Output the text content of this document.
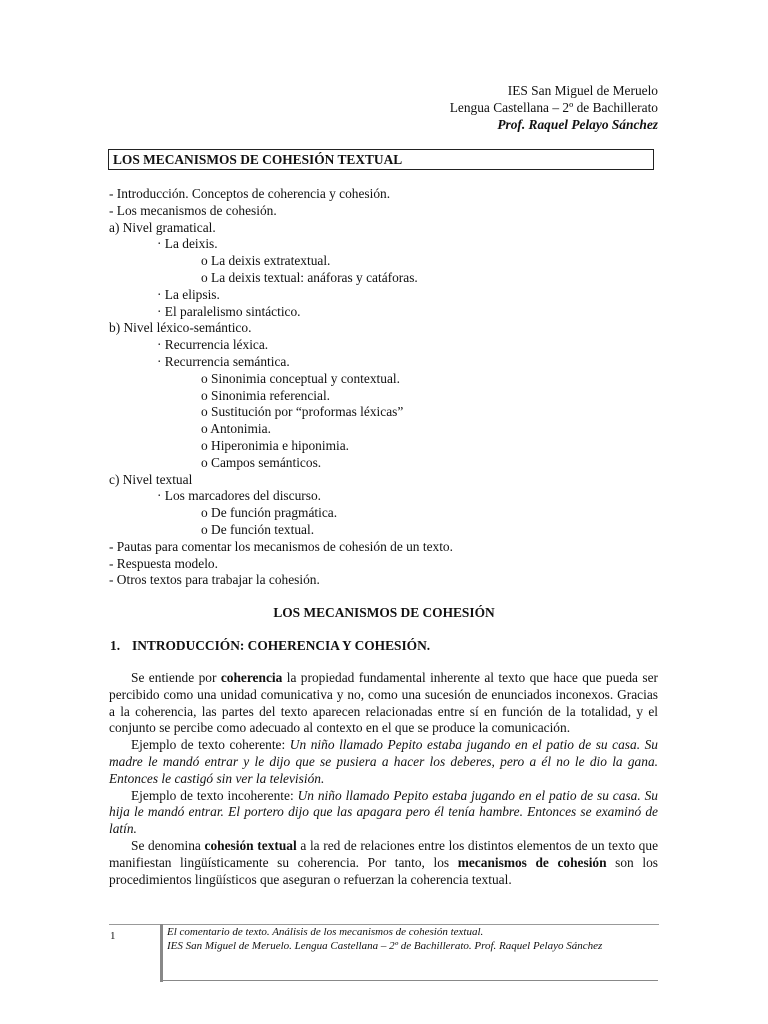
IES San Miguel de Meruelo
Lengua Castellana – 2º de Bachillerato
Prof. Raquel Pelayo Sánchez
LOS MECANISMOS DE COHESIÓN TEXTUAL
- Introducción. Conceptos de coherencia y cohesión.
- Los mecanismos de cohesión.
a) Nivel gramatical.
· La deixis.
o La deixis extratextual.
o La deixis textual: anáforas y catáforas.
· La elipsis.
· El paralelismo sintáctico.
b) Nivel léxico-semántico.
· Recurrencia léxica.
· Recurrencia semántica.
o Sinonimia conceptual y contextual.
o Sinonimia referencial.
o Sustitución por “proformas léxicas”
o Antonimia.
o Hiperonimia e hiponimia.
o Campos semánticos.
c) Nivel textual
· Los marcadores del discurso.
o De función pragmática.
o De función textual.
- Pautas para comentar los mecanismos de cohesión de un texto.
- Respuesta modelo.
- Otros textos para trabajar la cohesión.
LOS MECANISMOS DE COHESIÓN
1. INTRODUCCIÓN: COHERENCIA Y COHESIÓN.

Se entiende por coherencia la propiedad fundamental inherente al texto que hace que pueda ser percibido como una unidad comunicativa y no, como una sucesión de enunciados inconexos. Gracias a la coherencia, las partes del texto aparecen relacionadas entre sí en función de la totalidad, y el conjunto se percibe como adecuado al contexto en el que se produce la comunicación.

Ejemplo de texto coherente: Un niño llamado Pepito estaba jugando en el patio de su casa. Su madre le mandó entrar y le dijo que se pusiera a hacer los deberes, pero a él no le dio la gana. Entonces le castigó sin ver la televisión.

Ejemplo de texto incoherente: Un niño llamado Pepito estaba jugando en el patio de su casa. Su hija le mandó entrar. El portero dijo que las apagara pero él tenía hambre. Entonces se examinó de latín.

Se denomina cohesión textual a la red de relaciones entre los distintos elementos de un texto que manifiestan lingüísticamente su coherencia. Por tanto, los mecanismos de cohesión son los procedimientos lingüísticos que aseguran o refuerzan la coherencia textual.

1	El comentario de texto. Análisis de los mecanismos de cohesión textual.
IES San Miguel de Meruelo. Lengua Castellana – 2º de Bachillerato. Prof. Raquel Pelayo Sánchez
